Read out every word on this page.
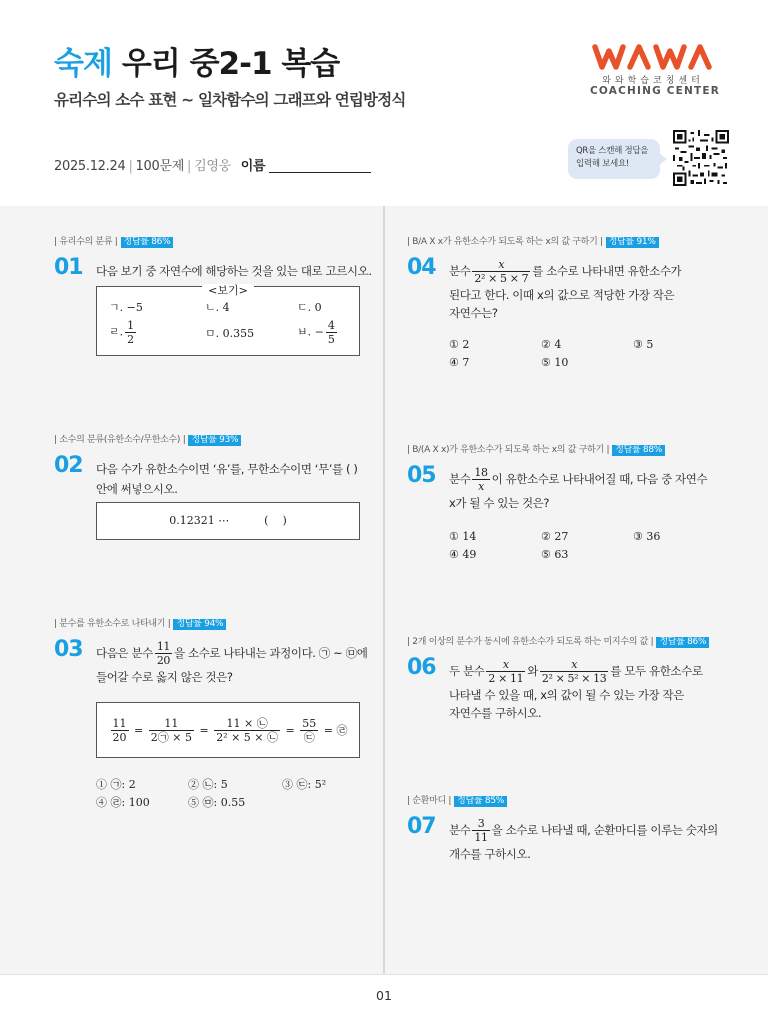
숙제 우리 중2-1 복습
유리수의 소수 표현 ~ 일차함수의 그래프와 연립방정식
2025.12.24 | 100문제 | 김영웅 이름
와와학습코칭센터
COACHING CENTER
QR을 스캔해 정답을
입력해 보세요!
| 유리수의 분류 | 정답률 86%
01 다음 보기 중 자연수에 해당하는 것을 있는 대로 고르시오.
<보기>
ㄱ. −5	ㄴ. 4	ㄷ. 0
ㄹ. $\frac{1}{2}$	ㅁ. 0.355	ㅂ. − $\frac{4}{5}$
| 소수의 분류(유한소수/무한소수) | 정답률 93%
02 다음 수가 유한소수이면 ‘유’를, 무한소수이면 ‘무’를 ( )
안에 써넣으시오.
0.12321 ⋯          (    )
| 분수를 유한소수로 나타내기 | 정답률 94%
03 다음은 분수 $\frac{11}{20}$ 을 소수로 나타내는 과정이다. ㉠ ~ ㉤에
들어갈 수로 옳지 않은 것은?
$\frac{11}{20} = \frac{11}{2㉠ \times 5} = \frac{11 \times ㉡}{\text{2² × 5 × ㉡}} = \frac{55}{㉢}$
= ㉣
① ㉠: 2	② ㉡: 5	③ ㉢: 5²
④ ㉣: 100	⑤ ㉤: 0.55
| B/A X x가 유한소수가 되도록 하는 x의 값 구하기 | 정답률 91%
04 분수 $\frac{x}{\text{2² × 5 × 7}}$ 를 소수로 나타내면 유한소수가
된다고 한다. 이때 x의 값으로 적당한 가장 작은
자연수는?
① 2	② 4	③ 5
④ 7	⑤ 10
| B/(A X x)가 유한소수가 되도록 하는 x의 값 구하기 | 정답률 88%
05 분수 $\frac{18}{x}$ 이 유한소수로 나타내어질 때, 다음 중 자연수
x가 될 수 있는 것은?
① 14	② 27	③ 36
④ 49	⑤ 63
| 2개 이상의 분수가 동시에 유한소수가 되도록 하는 미지수의 값 | 정답률 86%
06 두 분수 $\frac{x}{2 \times 11}$ 와 $\frac{x}{\text{2² × 5² × 13}}$ 를 모두 유한소수로
나타낼 수 있을 때, x의 값이 될 수 있는 가장 작은
자연수를 구하시오.
| 순환마디 | 정답률 85%
07 분수 $\frac{3}{11}$ 을 소수로 나타낼 때, 순환마디를 이루는 숫자의
개수를 구하시오.
01
